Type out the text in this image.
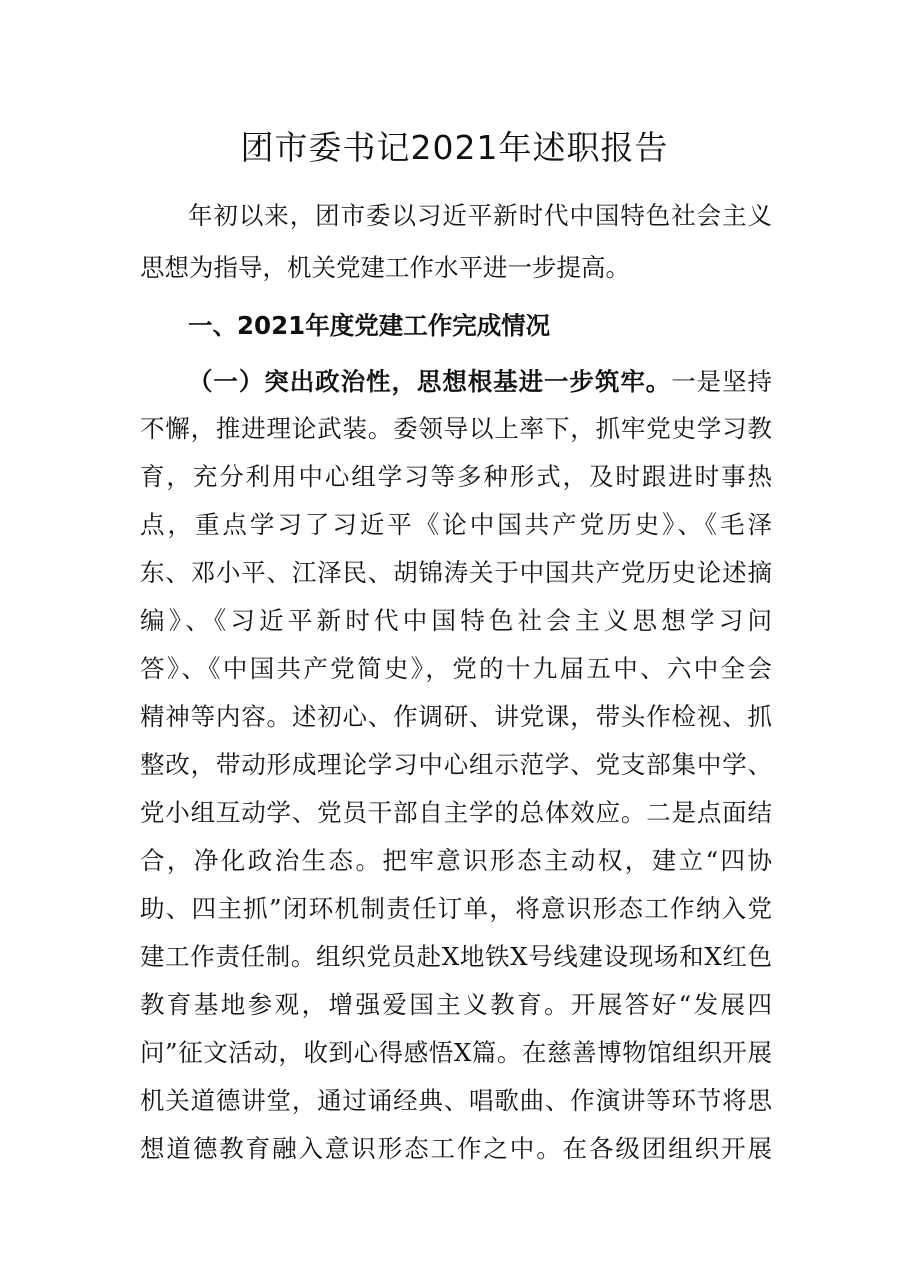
团市委书记2021年述职报告
年初以来，团市委以习近平新时代中国特色社会主义
思想为指导，机关党建工作水平进一步提高。
一、2021年度党建工作完成情况
（一）突出政治性，思想根基进一步筑牢。一是坚持
不懈，推进理论武装。委领导以上率下，抓牢党史学习教
育，充分利用中心组学习等多种形式，及时跟进时事热
点，重点学习了习近平《论中国共产党历史》、《毛泽
东、邓小平、江泽民、胡锦涛关于中国共产党历史论述摘
编》、《习近平新时代中国特色社会主义思想学习问
答》、《中国共产党简史》，党的十九届五中、六中全会
精神等内容。述初心、作调研、讲党课，带头作检视、抓
整改，带动形成理论学习中心组示范学、党支部集中学、
党小组互动学、党员干部自主学的总体效应。二是点面结
合，净化政治生态。把牢意识形态主动权，建立“四协
助、四主抓”闭环机制责任订单，将意识形态工作纳入党
建工作责任制。组织党员赴X地铁X号线建设现场和X红色
教育基地参观，增强爱国主义教育。开展答好“发展四
问”征文活动，收到心得感悟X篇。在慈善博物馆组织开展
机关道德讲堂，通过诵经典、唱歌曲、作演讲等环节将思
想道德教育融入意识形态工作之中。在各级团组织开展
